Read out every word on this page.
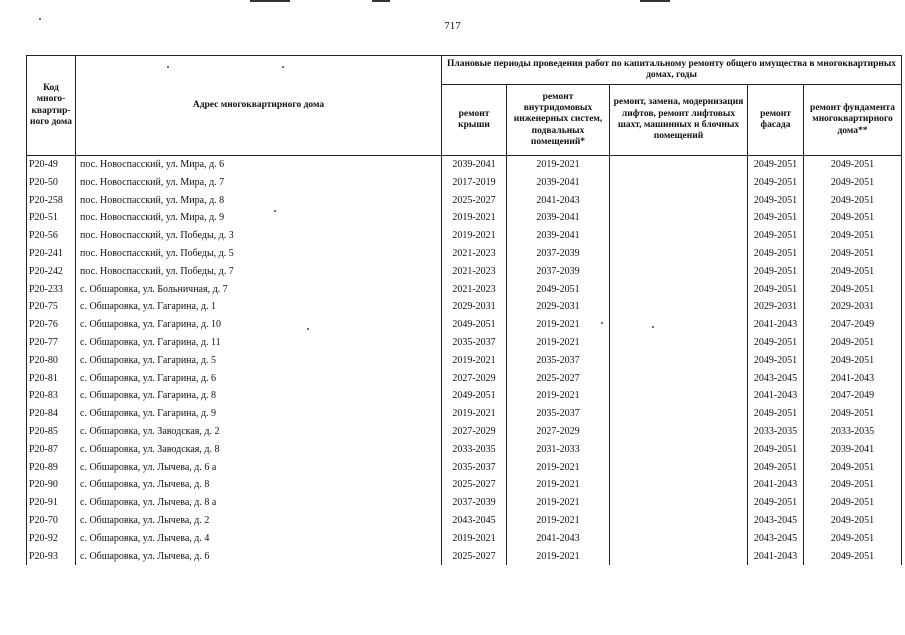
717
Код много-квартир-ного дома	Адрес многоквартирного дома	Плановые периоды проведения работ по капитальному ремонту общего имущества в многоквартирных домах, годы				
		ремонт крыши	ремонт внутридомовых инженерных систем, подвальных помещений*	ремонт, замена, модернизация лифтов, ремонт лифтовых шахт, машинных и блочных помещений	ремонт фасада	ремонт фундамента многоквартирного дома**
Р20-49	пос. Новоспасский, ул. Мира, д. 6	2039-2041	2019-2021		2049-2051	2049-2051
Р20-50	пос. Новоспасский, ул. Мира, д. 7	2017-2019	2039-2041		2049-2051	2049-2051
Р20-258	пос. Новоспасский, ул. Мира, д. 8	2025-2027	2041-2043		2049-2051	2049-2051
Р20-51	пос. Новоспасский, ул. Мира, д. 9	2019-2021	2039-2041		2049-2051	2049-2051
Р20-56	пос. Новоспасский, ул. Победы, д. 3	2019-2021	2039-2041		2049-2051	2049-2051
Р20-241	пос. Новоспасский, ул. Победы, д. 5	2021-2023	2037-2039		2049-2051	2049-2051
Р20-242	пос. Новоспасский, ул. Победы, д. 7	2021-2023	2037-2039		2049-2051	2049-2051
Р20-233	с. Обшаровка, ул. Больничная, д. 7	2021-2023	2049-2051		2049-2051	2049-2051
Р20-75	с. Обшаровка, ул. Гагарина, д. 1	2029-2031	2029-2031		2029-2031	2029-2031
Р20-76	с. Обшаровка, ул. Гагарина, д. 10	2049-2051	2019-2021		2041-2043	2047-2049
Р20-77	с. Обшаровка, ул. Гагарина, д. 11	2035-2037	2019-2021		2049-2051	2049-2051
Р20-80	с. Обшаровка, ул. Гагарина, д. 5	2019-2021	2035-2037		2049-2051	2049-2051
Р20-81	с. Обшаровка, ул. Гагарина, д. 6	2027-2029	2025-2027		2043-2045	2041-2043
Р20-83	с. Обшаровка, ул. Гагарина, д. 8	2049-2051	2019-2021		2041-2043	2047-2049
Р20-84	с. Обшаровка, ул. Гагарина, д. 9	2019-2021	2035-2037		2049-2051	2049-2051
Р20-85	с. Обшаровка, ул. Заводская, д. 2	2027-2029	2027-2029		2033-2035	2033-2035
Р20-87	с. Обшаровка, ул. Заводская, д. 8	2033-2035	2031-2033		2049-2051	2039-2041
Р20-89	с. Обшаровка, ул. Лычева, д. 6 а	2035-2037	2019-2021		2049-2051	2049-2051
Р20-90	с. Обшаровка, ул. Лычева, д. 8	2025-2027	2019-2021		2041-2043	2049-2051
Р20-91	с. Обшаровка, ул. Лычева, д. 8 а	2037-2039	2019-2021		2049-2051	2049-2051
Р20-70	с. Обшаровка, ул. Лычева, д. 2	2043-2045	2019-2021		2043-2045	2049-2051
Р20-92	с. Обшаровка, ул. Лычева, д. 4	2019-2021	2041-2043		2043-2045	2049-2051
Р20-93	с. Обшаровка, ул. Лычева, д. 6	2025-2027	2019-2021		2041-2043	2049-2051
